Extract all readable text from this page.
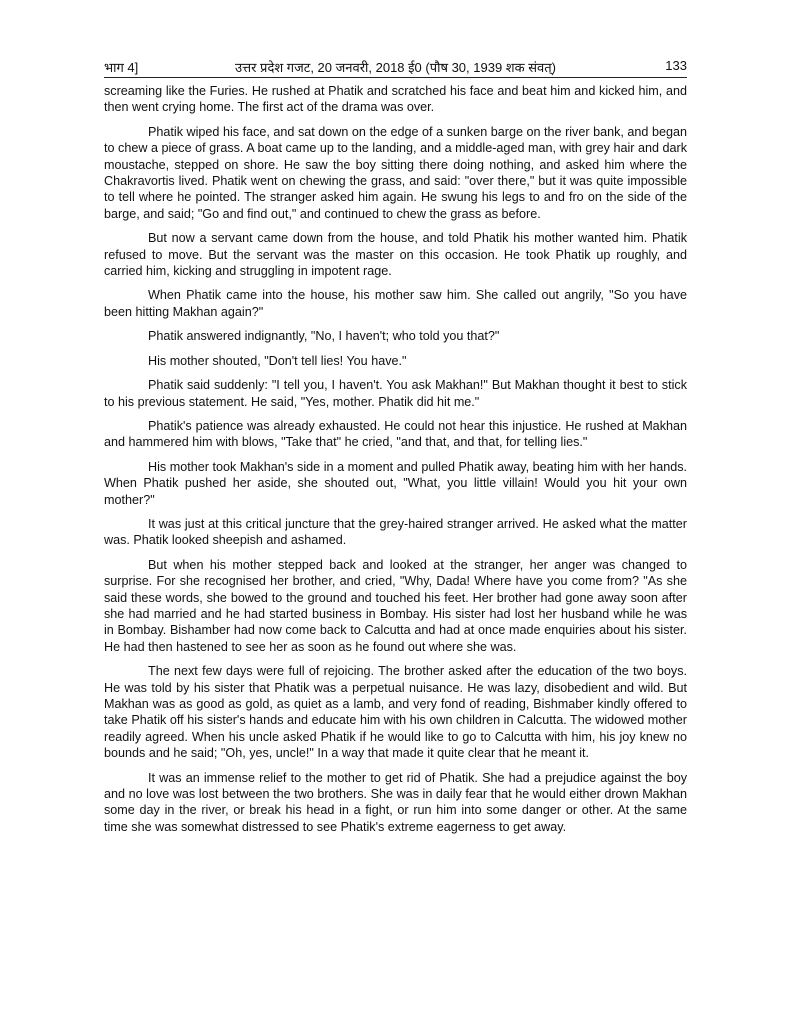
भाग 4]	उत्तर प्रदेश गजट, 20 जनवरी, 2018 ई0 (पौष 30, 1939 शक संवत्)	133

screaming like the Furies. He rushed at Phatik and scratched his face and beat him and kicked him, and then went crying home. The first act of the drama was over.

Phatik wiped his face, and sat down on the edge of a sunken barge on the river bank, and began to chew a piece of grass. A boat came up to the landing, and a middle-aged man, with grey hair and dark moustache, stepped on shore. He saw the boy sitting there doing nothing, and asked him where the Chakravortis lived. Phatik went on chewing the grass, and said: "over there," but it was quite impossible to tell where he pointed. The stranger asked him again. He swung his legs to and fro on the side of the barge, and said; "Go and find out," and continued to chew the grass as before.

But now a servant came down from the house, and told Phatik his mother wanted him. Phatik refused to move. But the servant was the master on this occasion. He took Phatik up roughly, and carried him, kicking and struggling in impotent rage.

When Phatik came into the house, his mother saw him. She called out angrily, "So you have been hitting Makhan again?"

Phatik answered indignantly, "No, I haven't; who told you that?"

His mother shouted, "Don't tell lies! You have."

Phatik said suddenly: "I tell you, I haven't. You ask Makhan!" But Makhan thought it best to stick to his previous statement. He said, "Yes, mother. Phatik did hit me."

Phatik's patience was already exhausted. He could not hear this injustice. He rushed at Makhan and hammered him with blows, "Take that" he cried, "and that, and that, for telling lies."

His mother took Makhan's side in a moment and pulled Phatik away, beating him with her hands. When Phatik pushed her aside, she shouted out, "What, you little villain! Would you hit your own mother?"

It was just at this critical juncture that the grey-haired stranger arrived. He asked what the matter was. Phatik looked sheepish and ashamed.

But when his mother stepped back and looked at the stranger, her anger was changed to surprise. For she recognised her brother, and cried, "Why, Dada! Where have you come from? "As she said these words, she bowed to the ground and touched his feet. Her brother had gone away soon after she had married and he had started business in Bombay. His sister had lost her husband while he was in Bombay. Bishamber had now come back to Calcutta and had at once made enquiries about his sister. He had then hastened to see her as soon as he found out where she was.

The next few days were full of rejoicing. The brother asked after the education of the two boys. He was told by his sister that Phatik was a perpetual nuisance. He was lazy, disobedient and wild. But Makhan was as good as gold, as quiet as a lamb, and very fond of reading, Bishmaber kindly offered to take Phatik off his sister's hands and educate him with his own children in Calcutta. The widowed mother readily agreed. When his uncle asked Phatik if he would like to go to Calcutta with him, his joy knew no bounds and he said; "Oh, yes, uncle!" In a way that made it quite clear that he meant it.

It was an immense relief to the mother to get rid of Phatik. She had a prejudice against the boy and no love was lost between the two brothers. She was in daily fear that he would either drown Makhan some day in the river, or break his head in a fight, or run him into some danger or other. At the same time she was somewhat distressed to see Phatik's extreme eagerness to get away.
